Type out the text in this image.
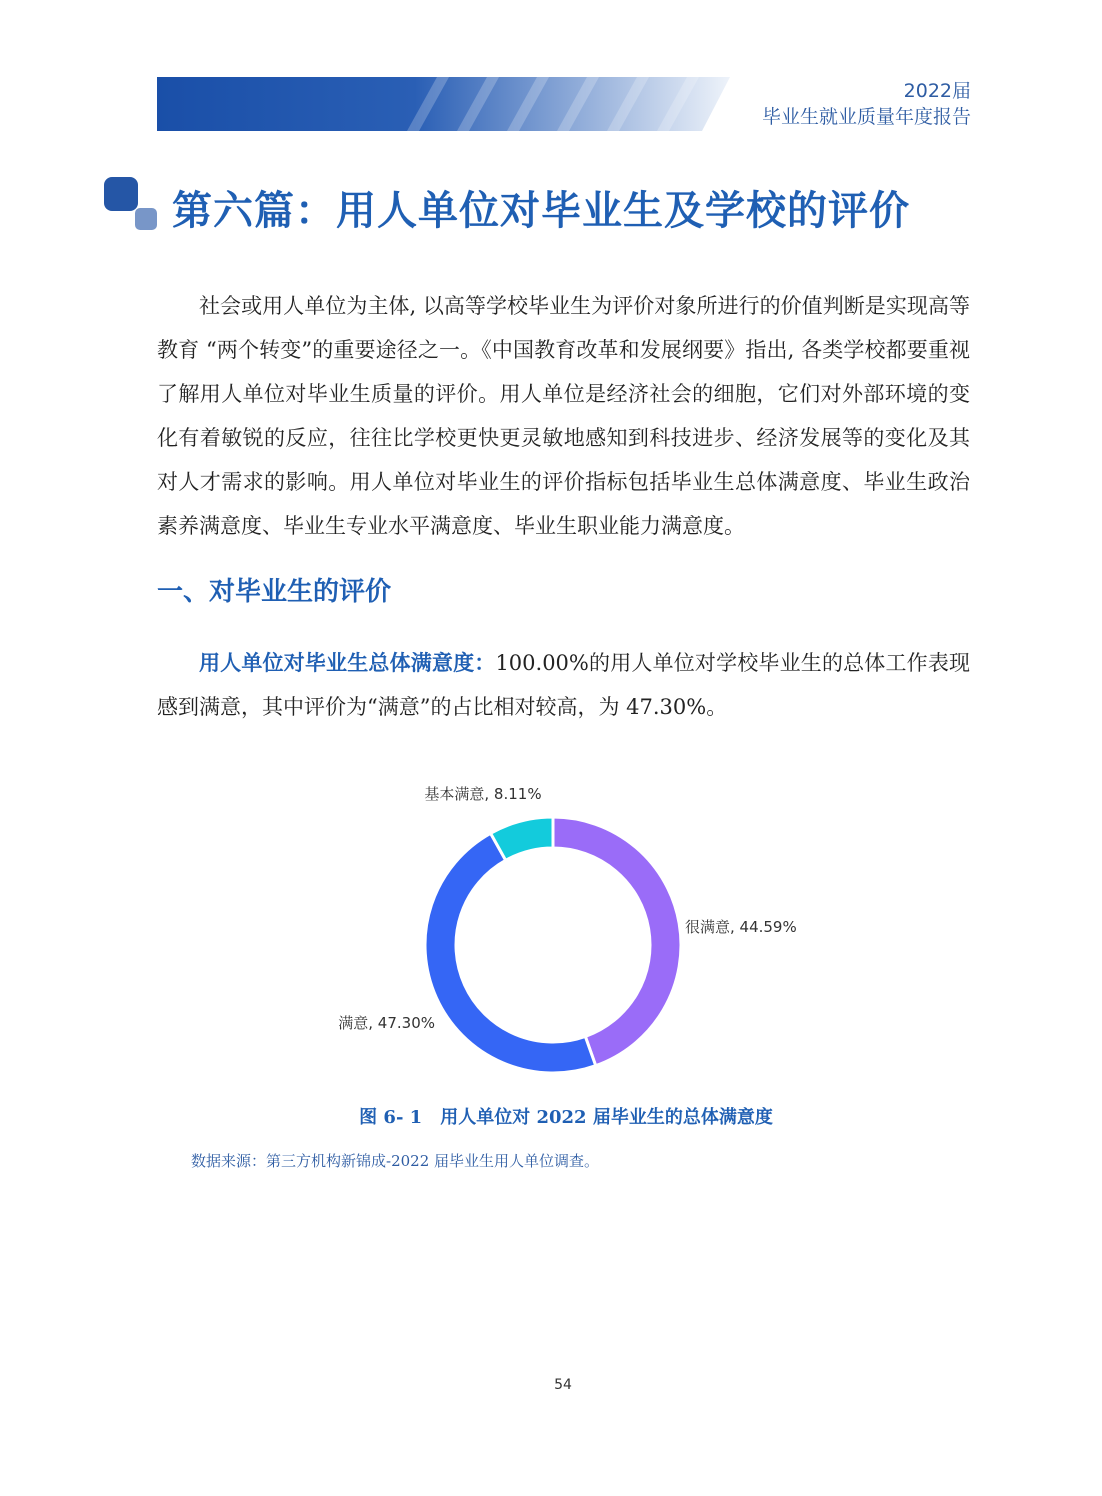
2022届
毕业生就业质量年度报告
第六篇：用人单位对毕业生及学校的评价

社会或用人单位为主体, 以高等学校毕业生为评价对象所进行的价值判断是实现高等教育 “两个转变”的重要途径之一。《中国教育改革和发展纲要》指出, 各类学校都要重视了解用人单位对毕业生质量的评价。用人单位是经济社会的细胞，它们对外部环境的变化有着敏锐的反应，往往比学校更快更灵敏地感知到科技进步、经济发展等的变化及其对人才需求的影响。用人单位对毕业生的评价指标包括毕业生总体满意度、毕业生政治素养满意度、毕业生专业水平满意度、毕业生职业能力满意度。

一、对毕业生的评价

用人单位对毕业生总体满意度：100.00%的用人单位对学校毕业生的总体工作表现感到满意，其中评价为“满意”的占比相对较高，为 47.30%。

很满意, 44.59%
满意, 47.30%
基本满意, 8.11%
图 6- 1　用人单位对 2022 届毕业生的总体满意度
数据来源：第三方机构新锦成-2022 届毕业生用人单位调查。
54
